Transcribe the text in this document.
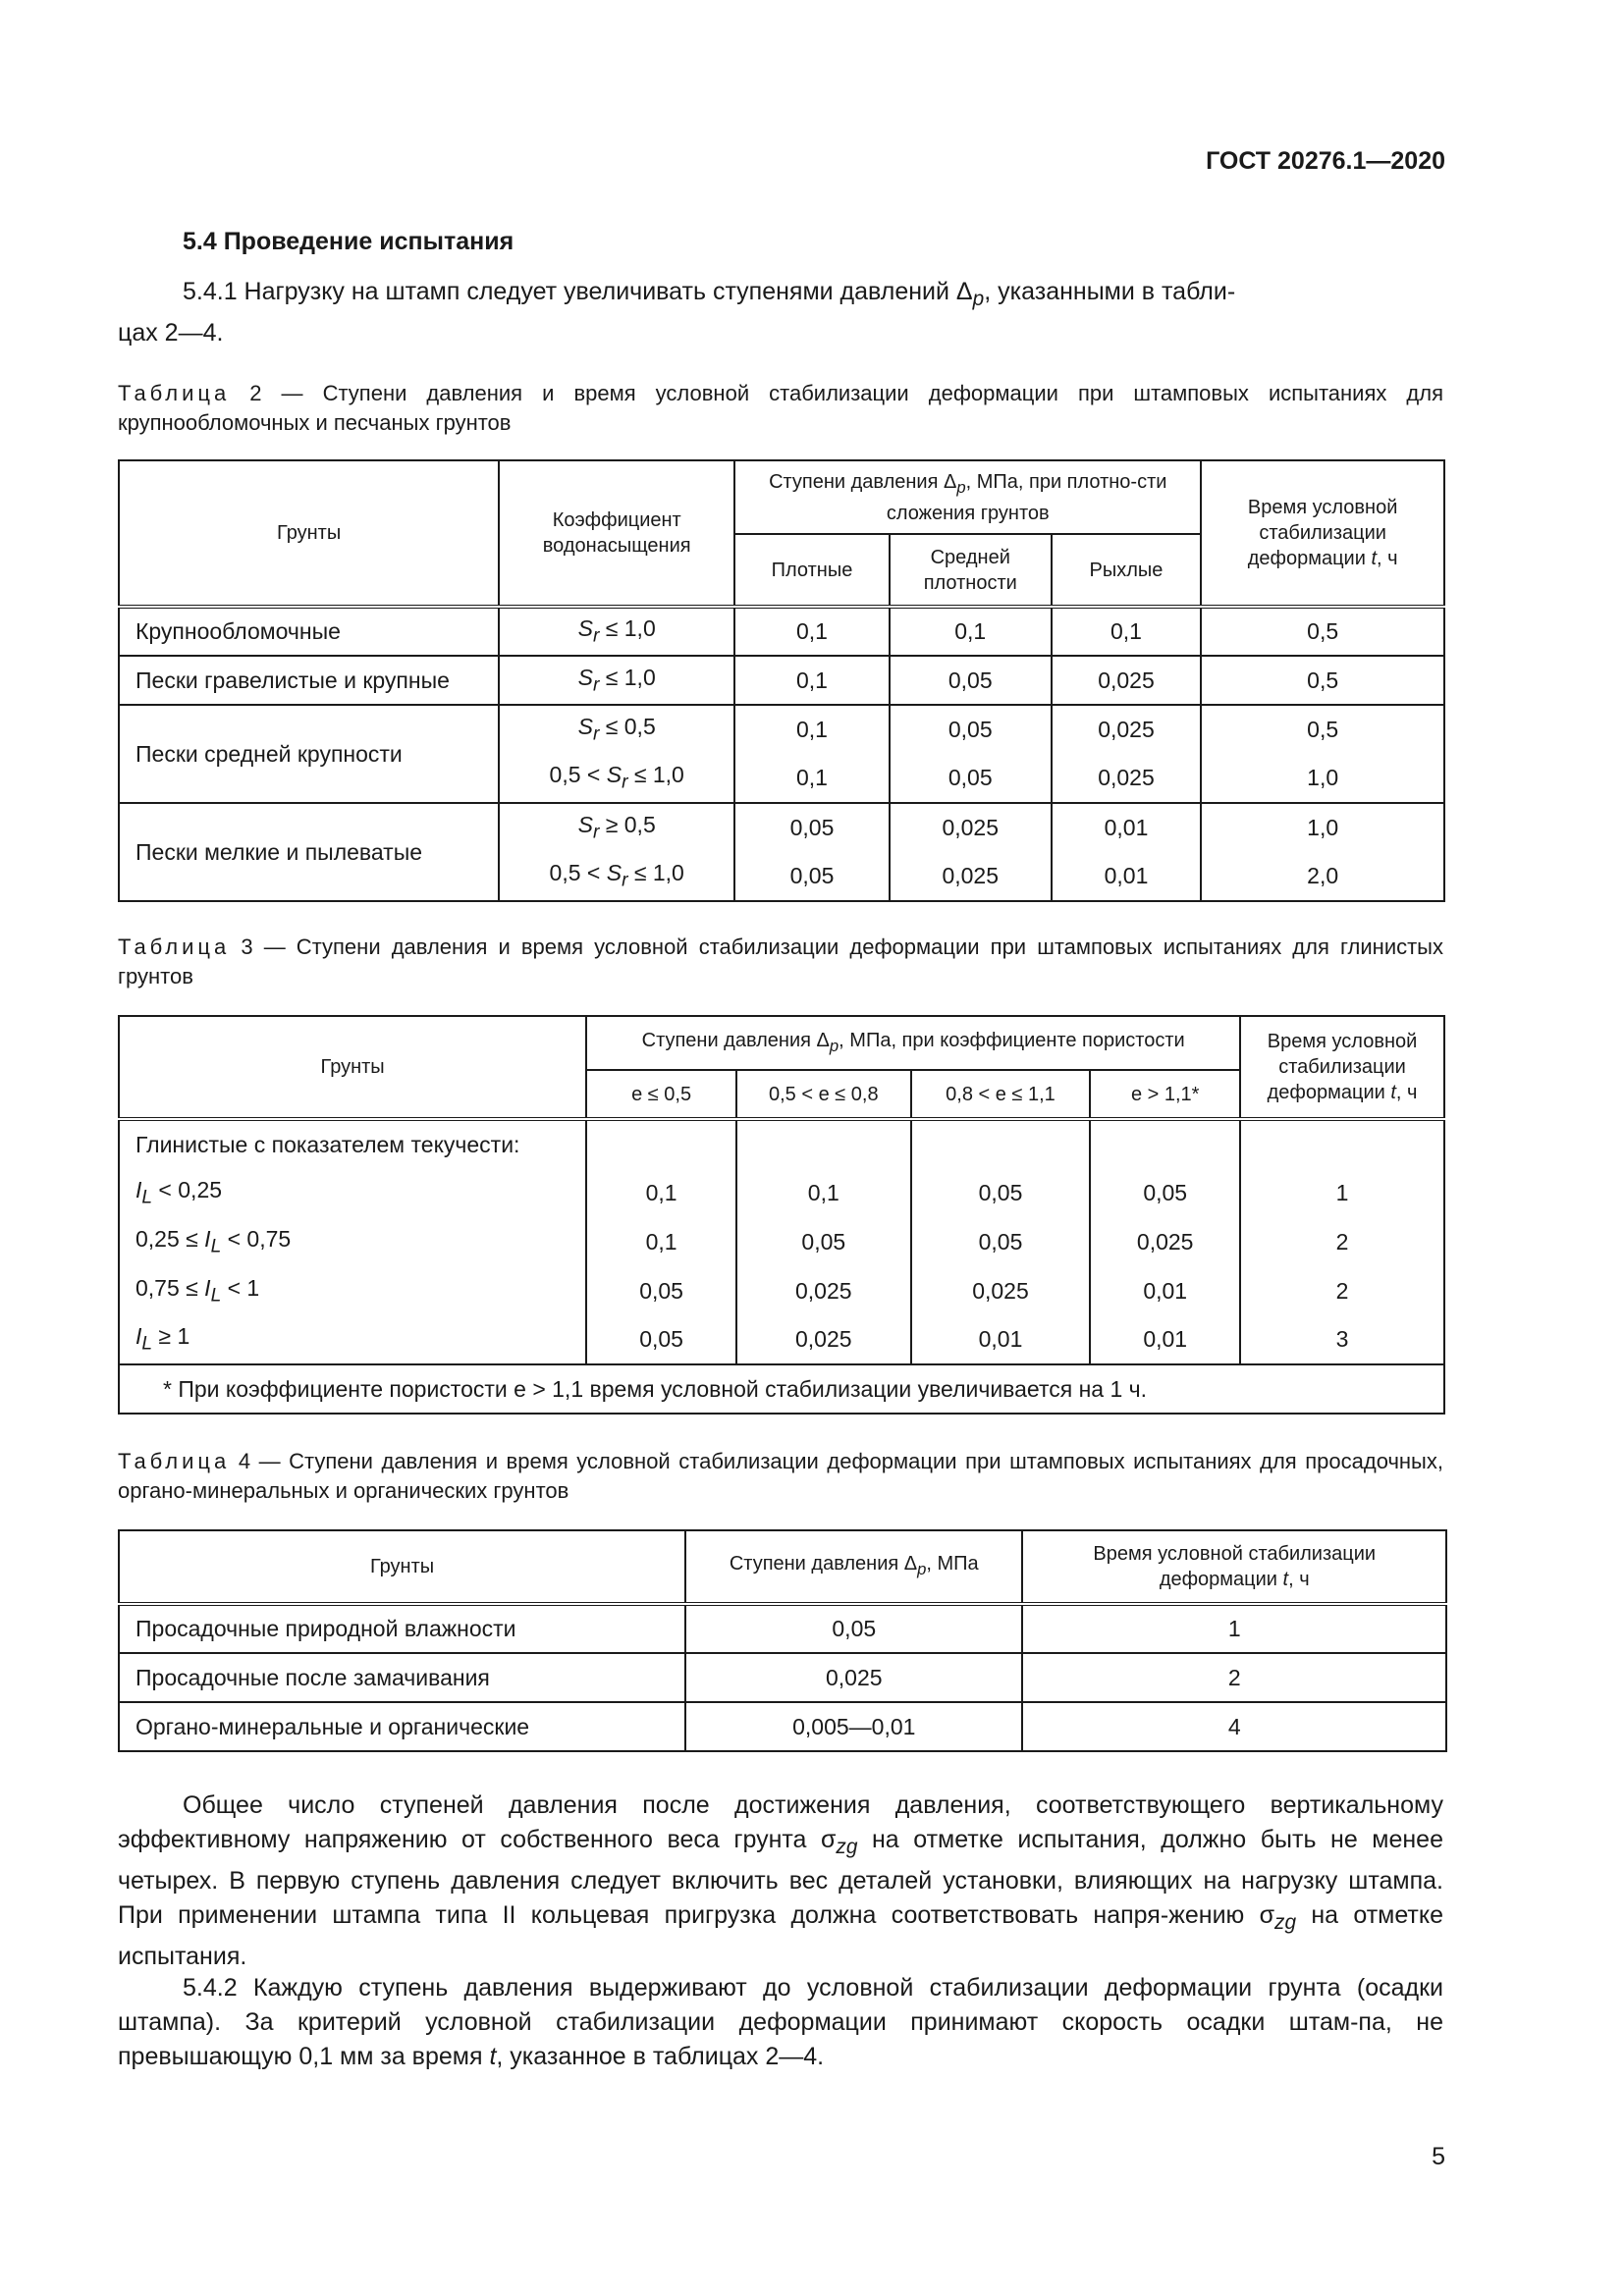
ГОСТ 20276.1—2020
5.4 Проведение испытания
5.4.1 Нагрузку на штамп следует увеличивать ступенями давлений $\Delta_p$, указанными в табли-
цах 2—4.
Таблица 2 — Ступени давления и время условной стабилизации деформации при штамповых испытаниях для крупнообломочных и песчаных грунтов
Грунты	Коэффициент водонасыщения	Ступени давления $\Delta_p$, МПа, при плотно-сти сложения грунтов			Время условной стабилизации деформации t, ч
		Плотные	Средней плотности	Рыхлые	
Крупнообломочные	$S_r \le 1,0$	0,1	0,1	0,1	0,5
Пески гравелистые и крупные	$S_r \le 1,0$	0,1	0,05	0,025	0,5
Пески средней крупности	$S_r \le 0,5$	0,1	0,05	0,025	0,5
	$0,5 < S_r \le 1,0$	0,1	0,05	0,025	1,0
Пески мелкие и пылеватые	$S_r \ge 0,5$	0,05	0,025	0,01	1,0
	$0,5 < S_r \le 1,0$	0,05	0,025	0,01	2,0
Таблица 3 — Ступени давления и время условной стабилизации деформации при штамповых испытаниях для глинистых грунтов
Грунты	Ступени давления $\Delta_p$, МПа, при коэффициенте пористости				Время условной стабилизации деформации t, ч
	e ≤ 0,5	0,5 < e ≤ 0,8	0,8 < e ≤ 1,1	e > 1,1*	
Глинистые с показателем текучести:					
$I_L < 0,25$	0,1	0,1	0,05	0,05	1
$0,25 \le I_L < 0,75$	0,1	0,05	0,05	0,025	2
$0,75 \le I_L < 1$	0,05	0,025	0,025	0,01	2
$I_L \ge 1$	0,05	0,025	0,01	0,01	3
* При коэффициенте пористости e > 1,1 время условной стабилизации увеличивается на 1 ч.					
Таблица 4 — Ступени давления и время условной стабилизации деформации при штамповых испытаниях для просадочных, органо-минеральных и органических грунтов
Грунты	Ступени давления $\Delta_p$, МПа	Время условной стабилизации деформации t, ч
Просадочные природной влажности	0,05	1
Просадочные после замачивания	0,025	2
Органо-минеральные и органические	0,005—0,01	4
Общее число ступеней давления после достижения давления, соответствующего вертикальному эффективному напряжению от собственного веса грунта $\sigma_{zg}$ на отметке испытания, должно быть не менее четырех. В первую ступень давления следует включить вес деталей установки, влияющих на нагрузку штампа. При применении штампа типа II кольцевая пригрузка должна соответствовать напря-жению $\sigma_{zg}$ на отметке испытания.
5.4.2 Каждую ступень давления выдерживают до условной стабилизации деформации грунта (осадки штампа). За критерий условной стабилизации деформации принимают скорость осадки штам-па, не превышающую 0,1 мм за время t, указанное в таблицах 2—4.
5
